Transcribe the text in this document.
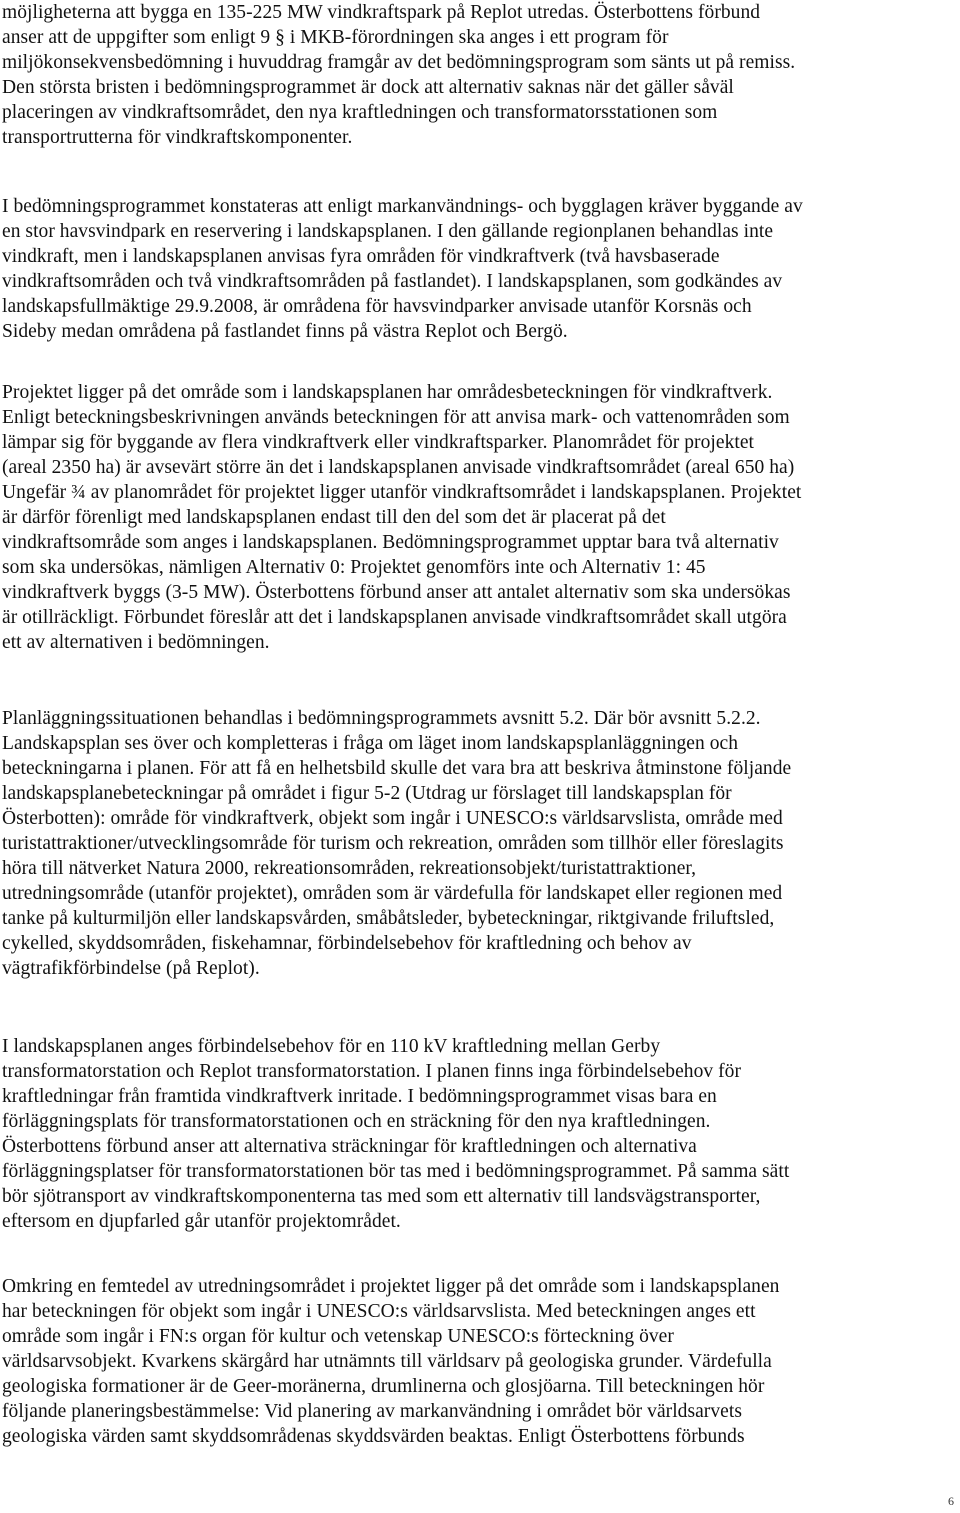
möjligheterna att bygga en 135-225 MW vindkraftspark på Replot utredas. Österbottens förbund
anser att de uppgifter som enligt 9 § i MKB-förordningen ska anges i ett program för
miljökonsekvensbedömning i huvuddrag framgår av det bedömningsprogram som sänts ut på remiss.
Den största bristen i bedömningsprogrammet är dock att alternativ saknas när det gäller såväl
placeringen av vindkraftsområdet, den nya kraftledningen och transformatorsstationen som
transportrutterna för vindkraftskomponenter.
I bedömningsprogrammet konstateras att enligt markanvändnings- och bygglagen kräver byggande av
en stor havsvindpark en reservering i landskapsplanen. I den gällande regionplanen behandlas inte
vindkraft, men i landskapsplanen anvisas fyra områden för vindkraftverk (två havsbaserade
vindkraftsområden och två vindkraftsområden på fastlandet). I landskapsplanen, som godkändes av
landskapsfullmäktige 29.9.2008, är områdena för havsvindparker anvisade utanför Korsnäs och
Sideby medan områdena på fastlandet finns på västra Replot och Bergö.
Projektet ligger på det område som i landskapsplanen har områdesbeteckningen för vindkraftverk.
Enligt beteckningsbeskrivningen används beteckningen för att anvisa mark- och vattenområden som
lämpar sig för byggande av flera vindkraftverk eller vindkraftsparker. Planområdet för projektet
(areal 2350 ha) är avsevärt större än det i landskapsplanen anvisade vindkraftsområdet (areal 650 ha)
Ungefär ¾ av planområdet för projektet ligger utanför vindkraftsområdet i landskapsplanen. Projektet
är därför förenligt med landskapsplanen endast till den del som det är placerat på det
vindkraftsområde som anges i landskapsplanen. Bedömningsprogrammet upptar bara två alternativ
som ska undersökas, nämligen Alternativ 0: Projektet genomförs inte och Alternativ 1: 45
vindkraftverk byggs (3-5 MW). Österbottens förbund anser att antalet alternativ som ska undersökas
är otillräckligt. Förbundet föreslår att det i landskapsplanen anvisade vindkraftsområdet skall utgöra
ett av alternativen i bedömningen.
Planläggningssituationen behandlas i bedömningsprogrammets avsnitt 5.2. Där bör avsnitt 5.2.2.
Landskapsplan ses över och kompletteras i fråga om läget inom landskapsplanläggningen och
beteckningarna i planen. För att få en helhetsbild skulle det vara bra att beskriva åtminstone följande
landskapsplanebeteckningar på området i figur 5-2 (Utdrag ur förslaget till landskapsplan för
Österbotten): område för vindkraftverk, objekt som ingår i UNESCO:s världsarvslista, område med
turistattraktioner/utvecklingsområde för turism och rekreation, områden som tillhör eller föreslagits
höra till nätverket Natura 2000, rekreationsområden, rekreationsobjekt/turistattraktioner,
utredningsområde (utanför projektet), områden som är värdefulla för landskapet eller regionen med
tanke på kulturmiljön eller landskapsvården, småbåtsleder, bybeteckningar, riktgivande friluftsled,
cykelled, skyddsområden, fiskehamnar, förbindelsebehov för kraftledning och behov av
vägtrafikförbindelse (på Replot).
I landskapsplanen anges förbindelsebehov för en 110 kV kraftledning mellan Gerby
transformatorstation och Replot transformatorstation. I planen finns inga förbindelsebehov för
kraftledningar från framtida vindkraftverk inritade. I bedömningsprogrammet visas bara en
förläggningsplats för transformatorstationen och en sträckning för den nya kraftledningen.
Österbottens förbund anser att alternativa sträckningar för kraftledningen och alternativa
förläggningsplatser för transformatorstationen bör tas med i bedömningsprogrammet. På samma sätt
bör sjötransport av vindkraftskomponenterna tas med som ett alternativ till landsvägstransporter,
eftersom en djupfarled går utanför projektområdet.
Omkring en femtedel av utredningsområdet i projektet ligger på det område som i landskapsplanen
har beteckningen för objekt som ingår i UNESCO:s världsarvslista. Med beteckningen anges ett
område som ingår i FN:s organ för kultur och vetenskap UNESCO:s förteckning över
världsarvsobjekt. Kvarkens skärgård har utnämnts till världsarv på geologiska grunder. Värdefulla
geologiska formationer är de Geer-moränerna, drumlinerna och glosjöarna. Till beteckningen hör
följande planeringsbestämmelse: Vid planering av markanvändning i området bör världsarvets
geologiska värden samt skyddsområdenas skyddsvärden beaktas. Enligt Österbottens förbunds
6
